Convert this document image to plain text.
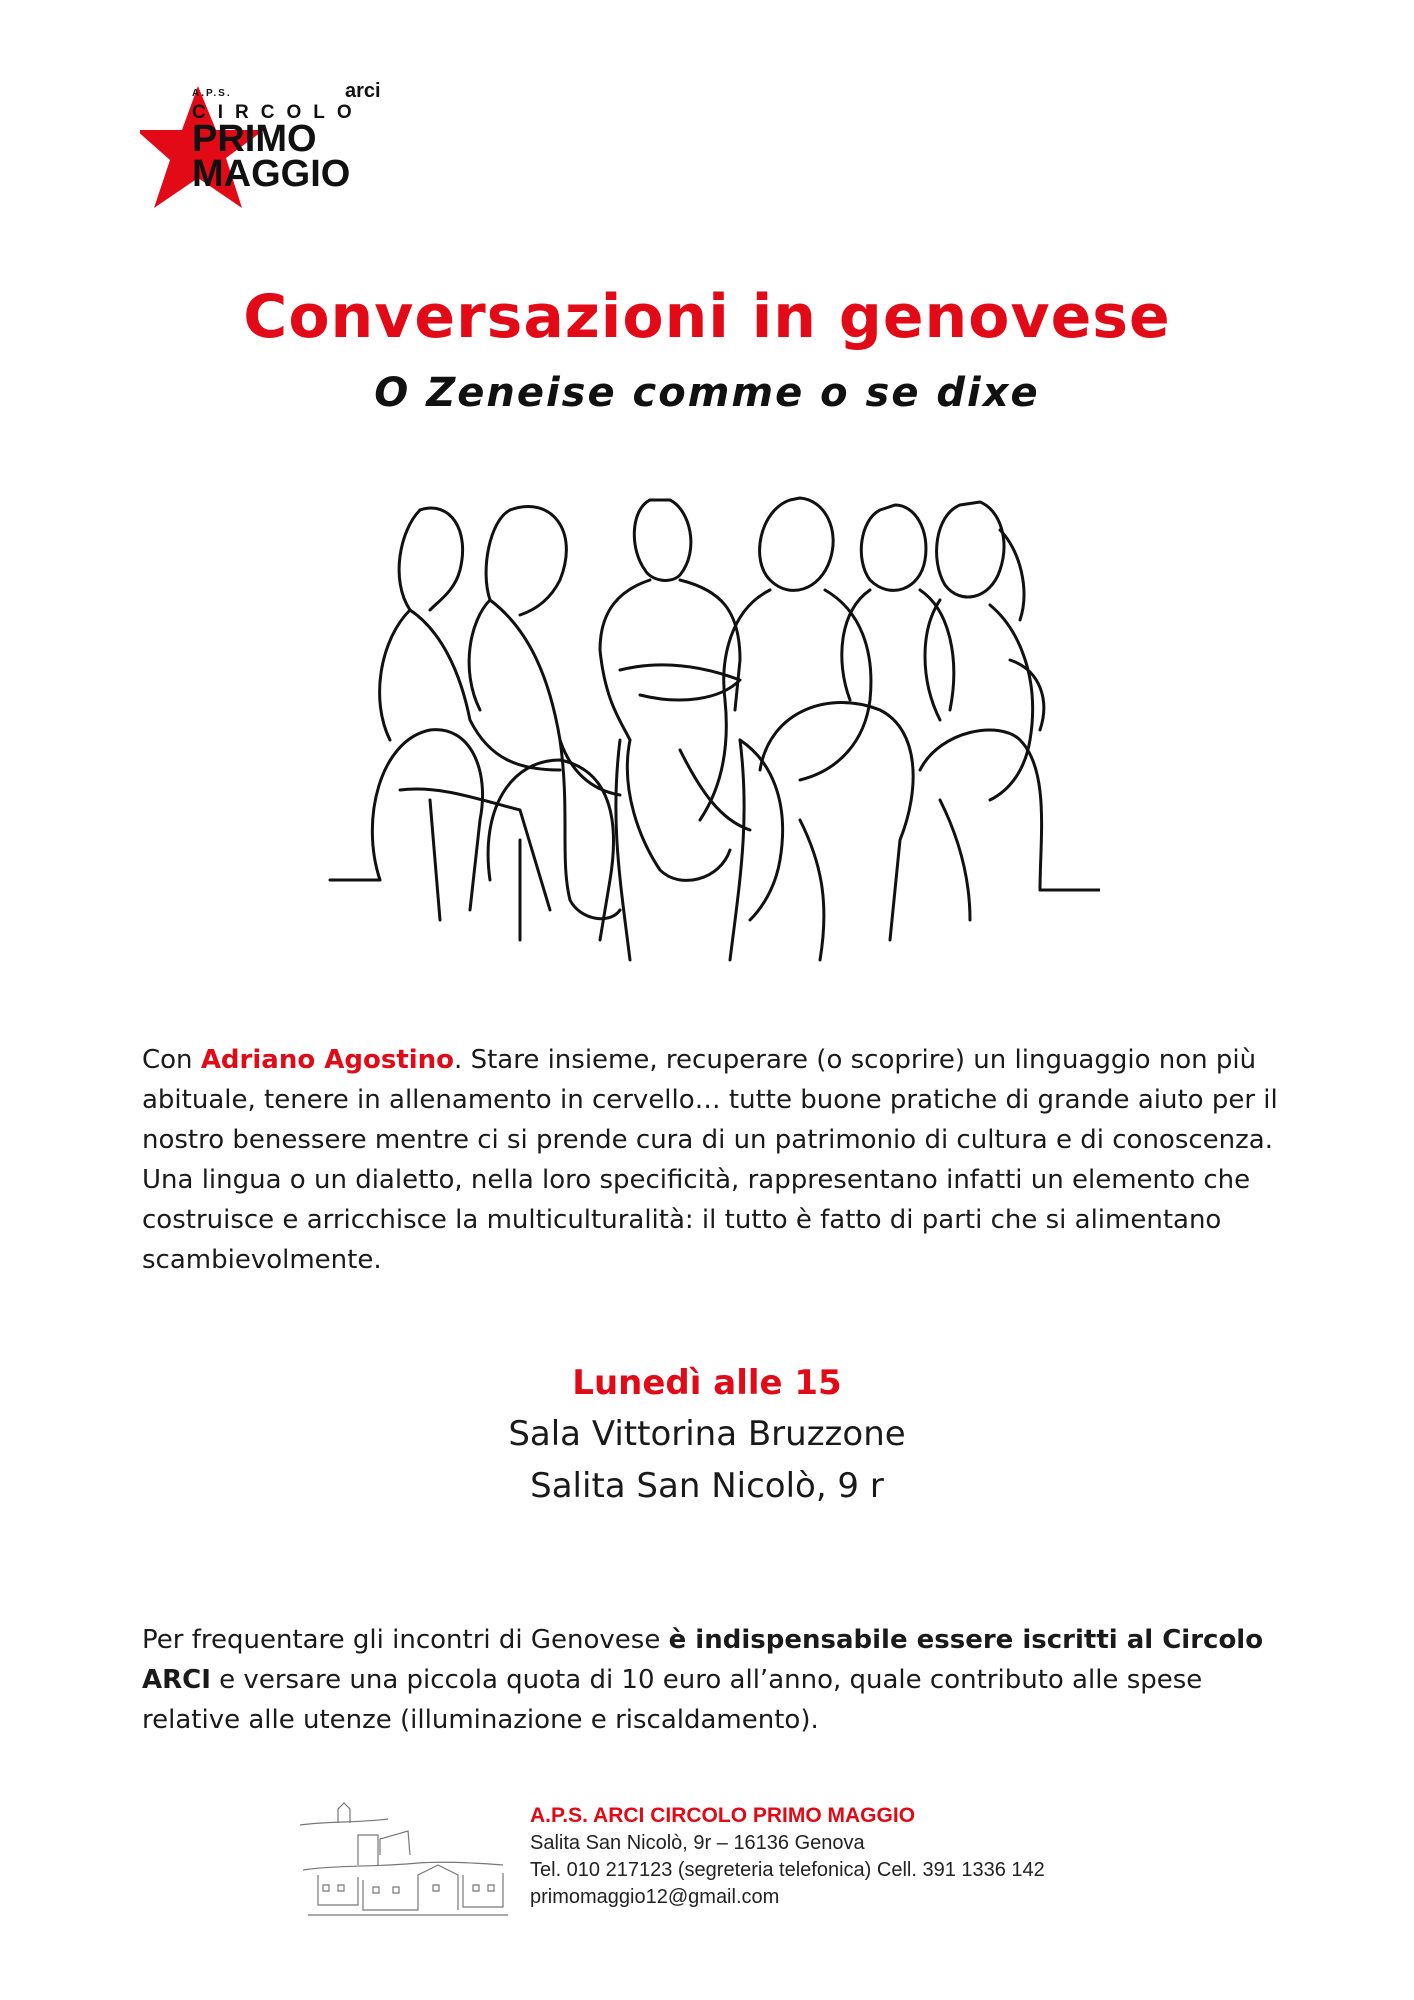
A.P.S.
CIRCOLO
PRIMO
MAGGIO
arci
Conversazioni in genovese
O Zeneise comme o se dixe

Con Adriano Agostino. Stare insieme, recuperare (o scoprire) un linguaggio non più abituale, tenere in allenamento in cervello… tutte buone pratiche di grande aiuto per il nostro benessere mentre ci si prende cura di un patrimonio di cultura e di conoscenza.

Una lingua o un dialetto, nella loro specificità, rappresentano infatti un elemento che costruisce e arricchisce la multiculturalità: il tutto è fatto di parti che si alimentano scambievolmente.

Lunedì alle 15
Sala Vittorina Bruzzone
Salita San Nicolò, 9 r
Per frequentare gli incontri di Genovese è indispensabile essere iscritti al Circolo ARCI e versare una piccola quota di 10 euro all’anno, quale contributo alle spese relative alle utenze (illuminazione e riscaldamento).
A.P.S. ARCI CIRCOLO PRIMO MAGGIO
Salita San Nicolò, 9r – 16136 Genova
Tel. 010 217123 (segreteria telefonica) Cell. 391 1336 142
primomaggio12@gmail.com
